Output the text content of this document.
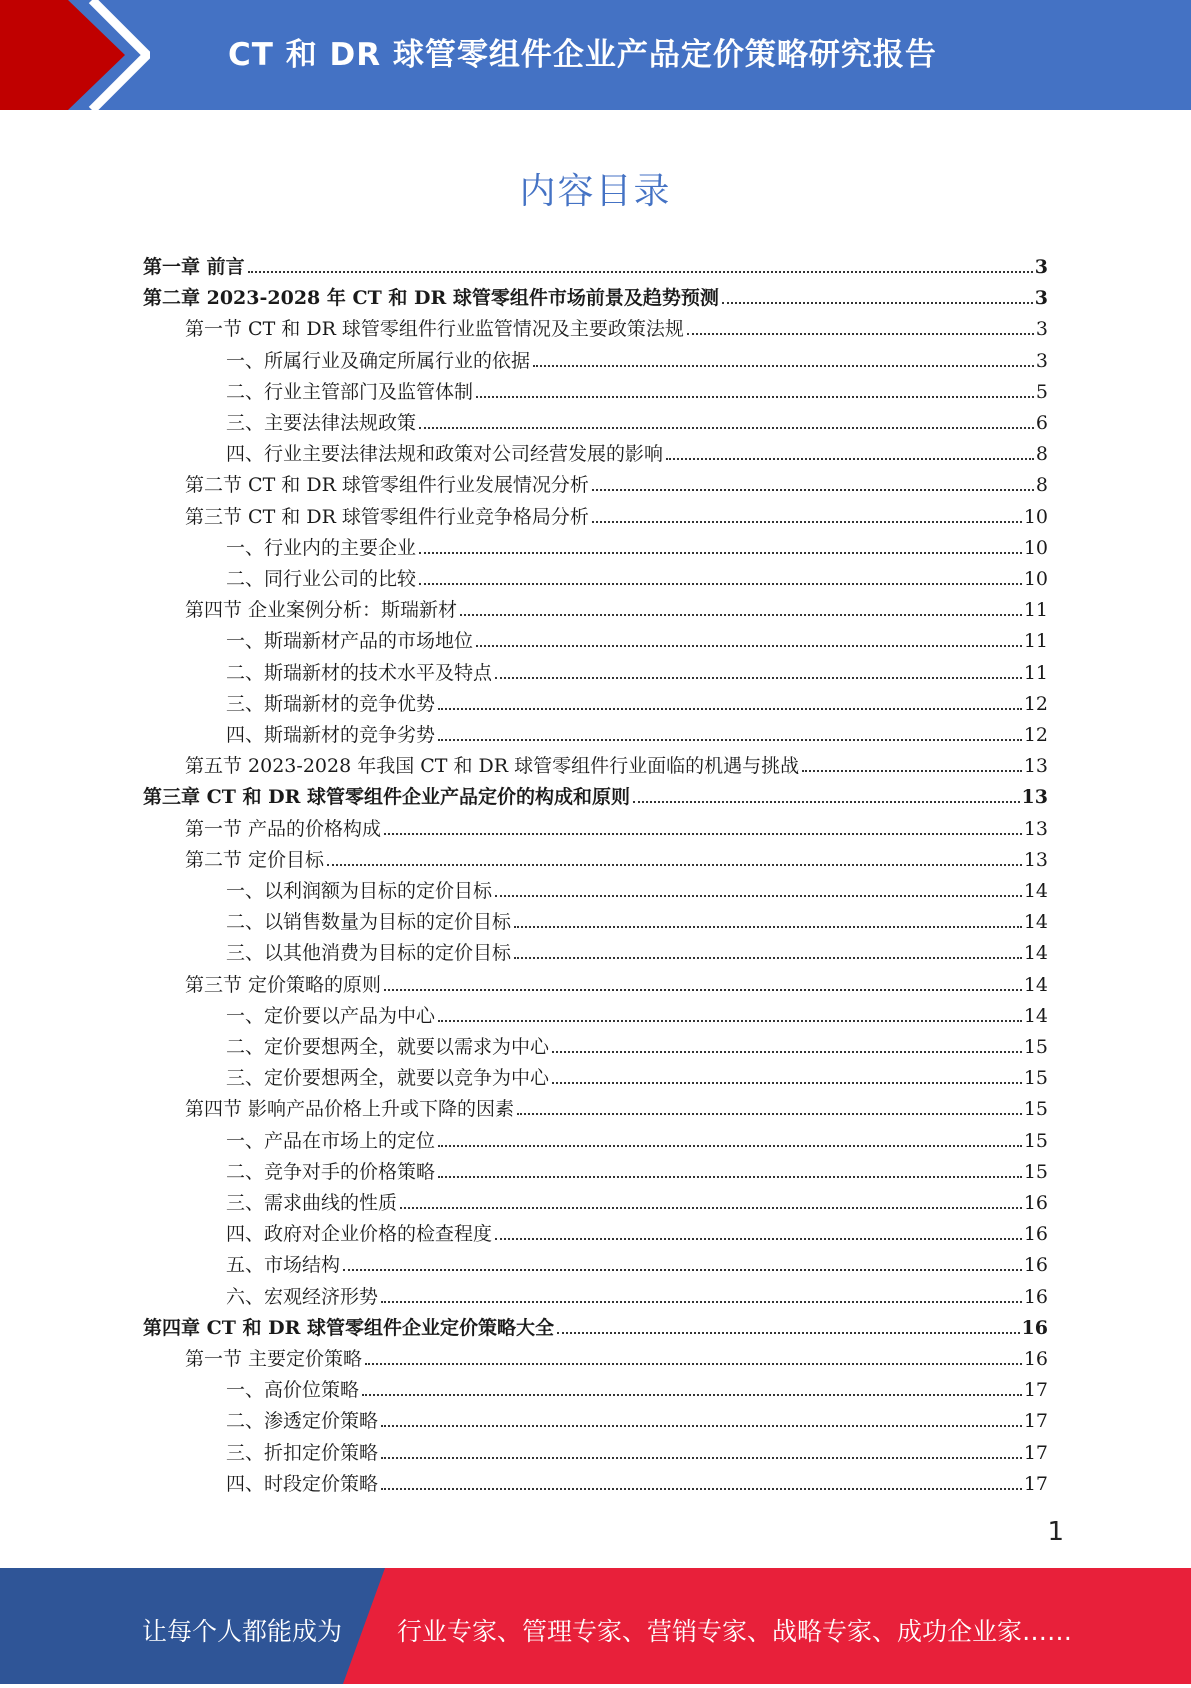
CT 和 DR 球管零组件企业产品定价策略研究报告
内容目录
第一章 前言	3
第二章 2023-2028 年 CT 和 DR 球管零组件市场前景及趋势预测	3
第一节 CT 和 DR 球管零组件行业监管情况及主要政策法规	3
一、所属行业及确定所属行业的依据	3
二、行业主管部门及监管体制	5
三、主要法律法规政策	6
四、行业主要法律法规和政策对公司经营发展的影响	8
第二节 CT 和 DR 球管零组件行业发展情况分析	8
第三节 CT 和 DR 球管零组件行业竞争格局分析	10
一、行业内的主要企业	10
二、同行业公司的比较	10
第四节 企业案例分析：斯瑞新材	11
一、斯瑞新材产品的市场地位	11
二、斯瑞新材的技术水平及特点	11
三、斯瑞新材的竞争优势	12
四、斯瑞新材的竞争劣势	12
第五节 2023-2028 年我国 CT 和 DR 球管零组件行业面临的机遇与挑战	13
第三章 CT 和 DR 球管零组件企业产品定价的构成和原则	13
第一节 产品的价格构成	13
第二节 定价目标	13
一、以利润额为目标的定价目标	14
二、以销售数量为目标的定价目标	14
三、以其他消费为目标的定价目标	14
第三节 定价策略的原则	14
一、定价要以产品为中心	14
二、定价要想两全，就要以需求为中心	15
三、定价要想两全，就要以竞争为中心	15
第四节 影响产品价格上升或下降的因素	15
一、产品在市场上的定位	15
二、竞争对手的价格策略	15
三、需求曲线的性质	16
四、政府对企业价格的检查程度	16
五、市场结构	16
六、宏观经济形势	16
第四章 CT 和 DR 球管零组件企业定价策略大全	16
第一节 主要定价策略	16
一、高价位策略	17
二、渗透定价策略	17
三、折扣定价策略	17
四、时段定价策略	17
1
让每个人都能成为 行业专家、管理专家、营销专家、战略专家、成功企业家……
